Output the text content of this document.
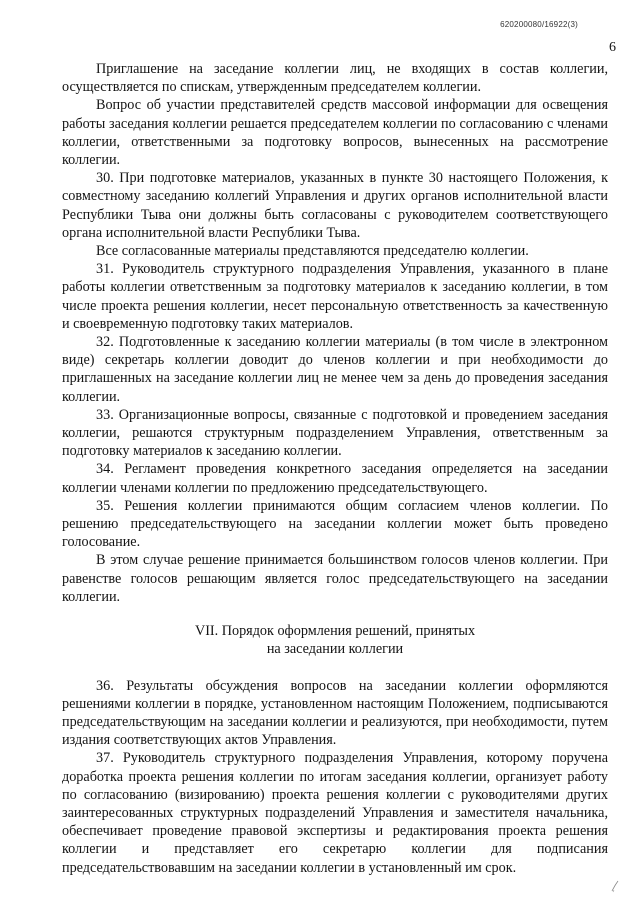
620200080/16922(3)
6

Приглашение на заседание коллегии лиц, не входящих в состав коллегии, осуществляется по спискам, утвержденным председателем коллегии.

Вопрос об участии представителей средств массовой информации для освещения работы заседания коллегии решается председателем коллегии по согласованию с членами коллегии, ответственными за подготовку вопросов, вынесенных на рассмотрение коллегии.

30. При подготовке материалов, указанных в пункте 30 настоящего Положения, к совместному заседанию коллегий Управления и других органов исполнительной власти Республики Тыва они должны быть согласованы с руководителем соответствующего органа исполнительной власти Республики Тыва.

Все согласованные материалы представляются председателю коллегии.

31. Руководитель структурного подразделения Управления, указанного в плане работы коллегии ответственным за подготовку материалов к заседанию коллегии, в том числе проекта решения коллегии, несет персональную ответственность за качественную и своевременную подготовку таких материалов.

32. Подготовленные к заседанию коллегии материалы (в том числе в электронном виде) секретарь коллегии доводит до членов коллегии и при необходимости до приглашенных на заседание коллегии лиц не менее чем за день до проведения заседания коллегии.

33. Организационные вопросы, связанные с подготовкой и проведением заседания коллегии, решаются структурным подразделением Управления, ответственным за подготовку материалов к заседанию коллегии.

34. Регламент проведения конкретного заседания определяется на заседании коллегии членами коллегии по предложению председательствующего.

35. Решения коллегии принимаются общим согласием членов коллегии. По решению председательствующего на заседании коллегии может быть проведено голосование.

В этом случае решение принимается большинством голосов членов коллегии. При равенстве голосов решающим является голос председательствующего на заседании коллегии.

VII. Порядок оформления решений, принятых
на заседании коллегии

36. Результаты обсуждения вопросов на заседании коллегии оформляются решениями коллегии в порядке, установленном настоящим Положением, подписываются председательствующим на заседании коллегии и реализуются, при необходимости, путем издания соответствующих актов Управления.

37. Руководитель структурного подразделения Управления, которому поручена доработка проекта решения коллегии по итогам заседания коллегии, организует работу по согласованию (визированию) проекта решения коллегии с руководителями других заинтересованных структурных подразделений Управления и заместителя начальника, обеспечивает проведение правовой экспертизы и редактирования проекта решения коллегии и представляет его секретарю коллегии для подписания председательствовавшим на заседании коллегии в установленный им срок.
